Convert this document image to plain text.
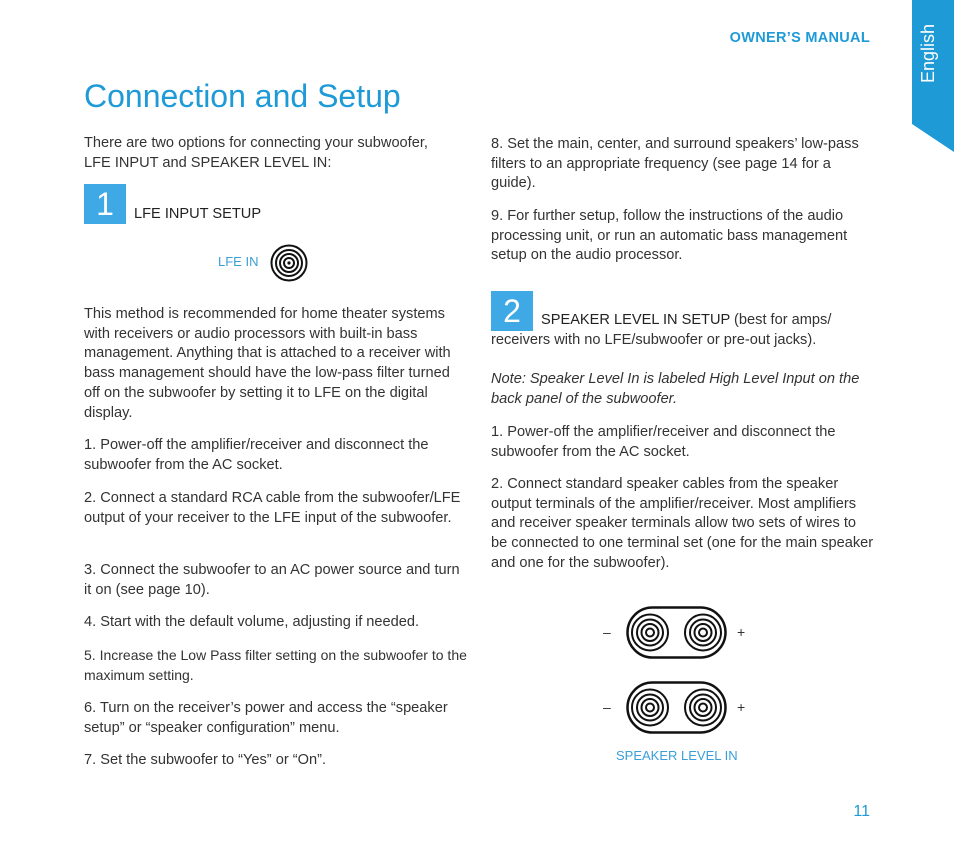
OWNER’S MANUAL	English
Connection and Setup

There are two options for connecting your subwoofer, LFE INPUT and SPEAKER LEVEL IN:

1	LFE INPUT SETUP

LFE IN

This method is recommended for home theater systems with receivers or audio processors with built-in bass management. Anything that is attached to a receiver with bass management should have the low-pass filter turned off on the subwoofer by setting it to LFE on the digital display.

1. Power-off the amplifier/receiver and disconnect the subwoofer from the AC socket.

2. Connect a standard RCA cable from the subwoofer/LFE output of your receiver to the LFE input of the subwoofer.

3. Connect the subwoofer to an AC power source and turn it on (see page 10).

4. Start with the default volume, adjusting if needed.

5. Increase the Low Pass filter setting on the subwoofer to the maximum setting.

6. Turn on the receiver’s power and access the “speaker setup” or “speaker configuration” menu.

7. Set the subwoofer to “Yes” or “On”.

8. Set the main, center, and surround speakers’ low-pass filters to an appropriate frequency (see page 14 for a guide).

9. For further setup, follow the instructions of the audio processing unit, or run an automatic bass management setup on the audio processor.

2	SPEAKER LEVEL IN SETUP (best for amps/ receivers with no LFE/subwoofer or pre-out jacks).

Note: Speaker Level In is labeled High Level Input on the back panel of the subwoofer.

1. Power-off the amplifier/receiver and disconnect the subwoofer from the AC socket.

2. Connect standard speaker cables from the speaker output terminals of the amplifier/receiver. Most amplifiers and receiver speaker terminals allow two sets of wires to be connected to one terminal set (one for the main speaker and one for the subwoofer).

–	+
–	+
SPEAKER LEVEL IN
11
